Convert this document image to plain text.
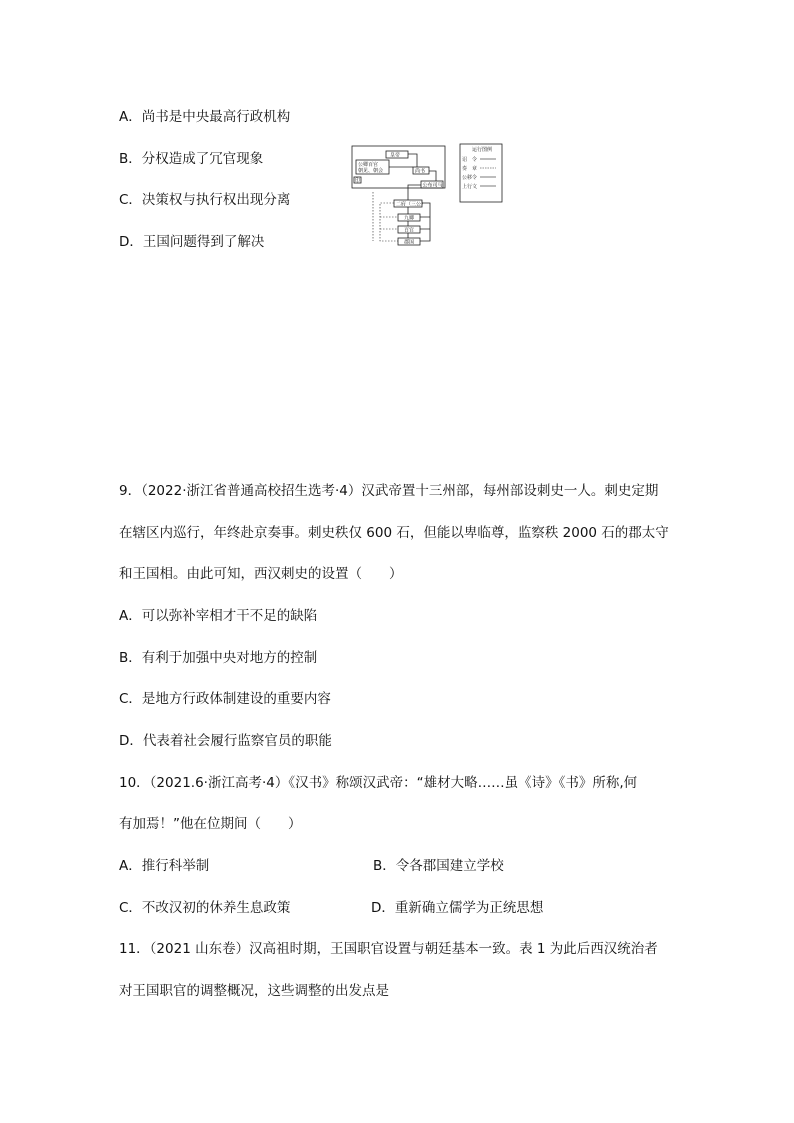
A．尚书是中央最高行政机构
B．分权造成了冗官现象
C．决策权与执行权出现分离
D．王国问题得到了解决
皇帝
公卿百官
朝见、朝会
印
尚书
公布司马
二府（三公）
九卿
百官
郡国
运行图例
诏　令
奏　章
公移令
上行文
9．（2022·浙江省普通高校招生选考·4）汉武帝置十三州部，每州部设刺史一人。刺史定期
在辖区内巡行，年终赴京奏事。刺史秩仅 600 石，但能以卑临尊，监察秩 2000 石的郡太守
和王国相。由此可知，西汉刺史的设置（　　）
A．可以弥补宰相才干不足的缺陷
B．有利于加强中央对地方的控制
C．是地方行政体制建设的重要内容
D．代表着社会履行监察官员的职能
10．（2021.6·浙江高考·4）《汉书》称颂汉武帝：“雄材大略……虽《诗》《书》所称,何
有加焉！”他在位期间（　　）
A．推行科举制	B．令各郡国建立学校
C．不改汉初的休养生息政策	D．重新确立儒学为正统思想
11．（2021 山东卷）汉高祖时期，王国职官设置与朝廷基本一致。表 1 为此后西汉统治者
对王国职官的调整概况，这些调整的出发点是
